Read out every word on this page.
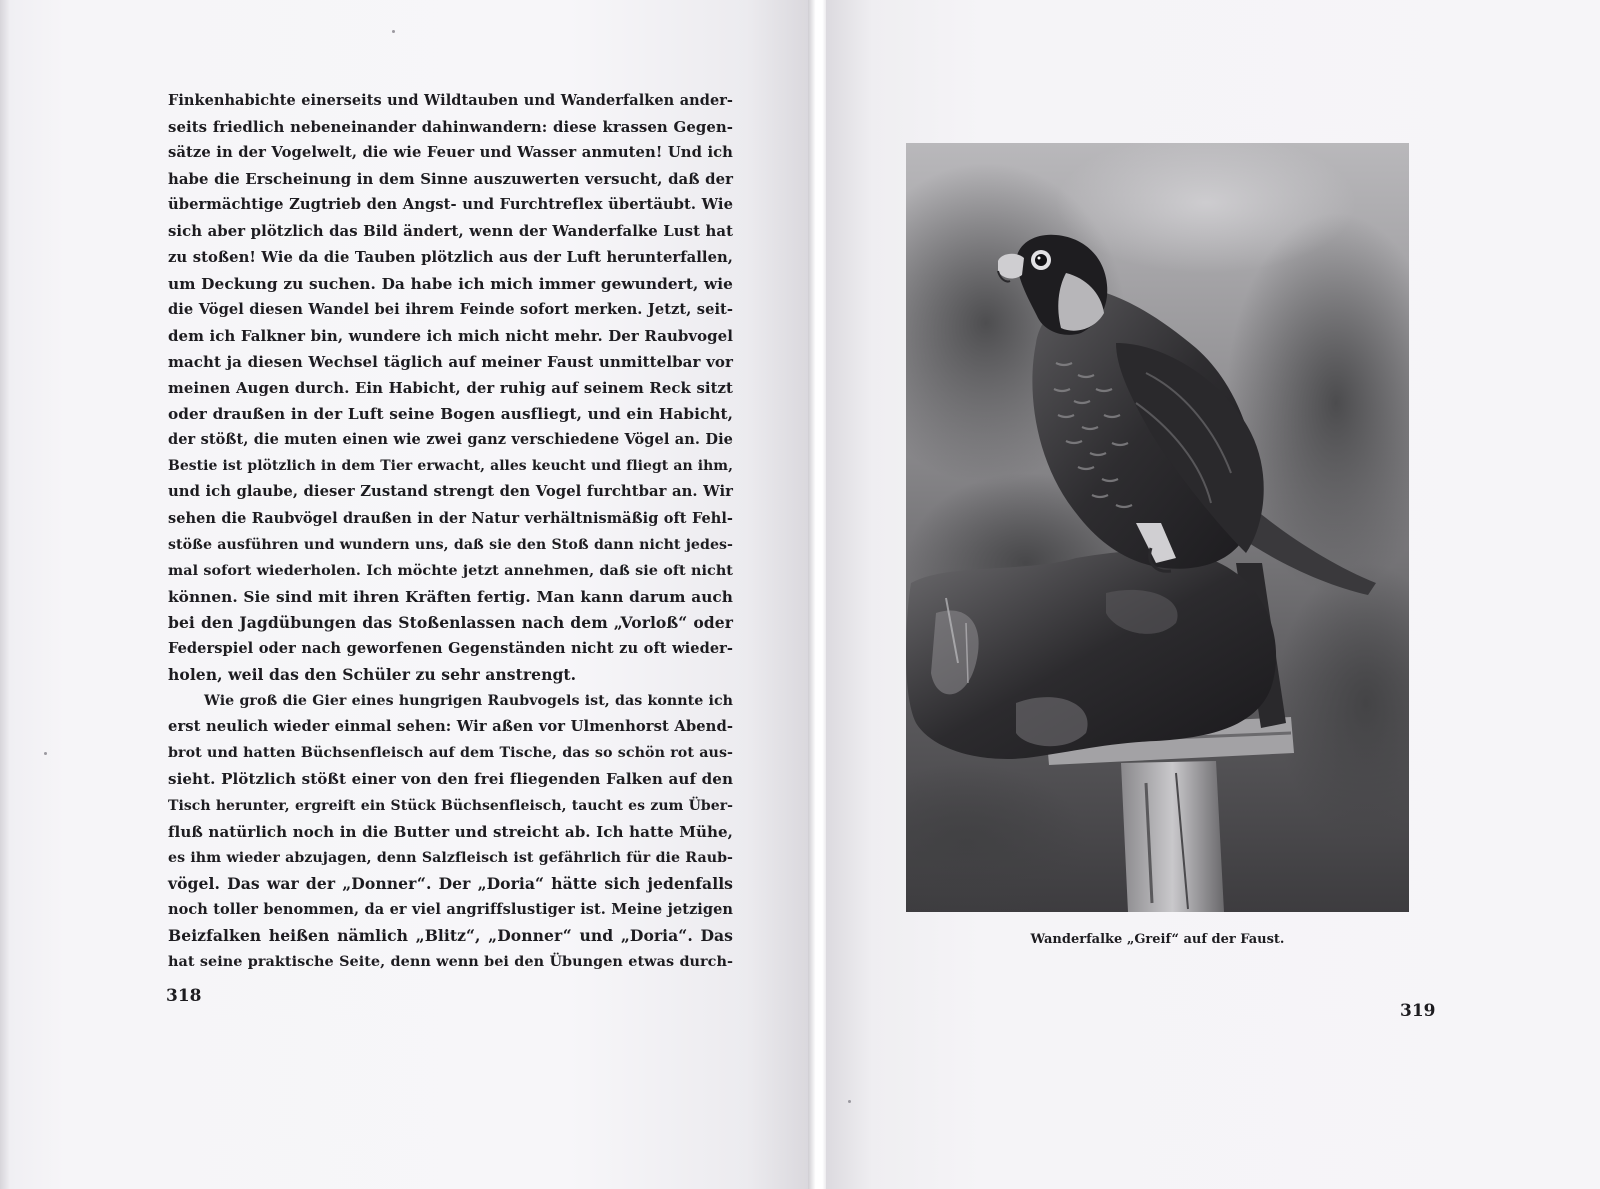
Finkenhabichte einerseits und Wildtauben und Wanderfalken ander-
seits friedlich nebeneinander dahinwandern: diese krassen Gegen-
sätze in der Vogelwelt, die wie Feuer und Wasser anmuten! Und ich
habe die Erscheinung in dem Sinne auszuwerten versucht, daß der
übermächtige Zugtrieb den Angst- und Furchtreflex übertäubt. Wie
sich aber plötzlich das Bild ändert, wenn der Wanderfalke Lust hat
zu stoßen! Wie da die Tauben plötzlich aus der Luft herunterfallen,
um Deckung zu suchen. Da habe ich mich immer gewundert, wie
die Vögel diesen Wandel bei ihrem Feinde sofort merken. Jetzt, seit-
dem ich Falkner bin, wundere ich mich nicht mehr. Der Raubvogel
macht ja diesen Wechsel täglich auf meiner Faust unmittelbar vor
meinen Augen durch. Ein Habicht, der ruhig auf seinem Reck sitzt
oder draußen in der Luft seine Bogen ausfliegt, und ein Habicht,
der stößt, die muten einen wie zwei ganz verschiedene Vögel an. Die
Bestie ist plötzlich in dem Tier erwacht, alles keucht und fliegt an ihm,
und ich glaube, dieser Zustand strengt den Vogel furchtbar an. Wir
sehen die Raubvögel draußen in der Natur verhältnismäßig oft Fehl-
stöße ausführen und wundern uns, daß sie den Stoß dann nicht jedes-
mal sofort wiederholen. Ich möchte jetzt annehmen, daß sie oft nicht
können. Sie sind mit ihren Kräften fertig. Man kann darum auch
bei den Jagdübungen das Stoßenlassen nach dem „Vorloß“ oder
Federspiel oder nach geworfenen Gegenständen nicht zu oft wieder-
holen, weil das den Schüler zu sehr anstrengt.
Wie groß die Gier eines hungrigen Raubvogels ist, das konnte ich
erst neulich wieder einmal sehen: Wir aßen vor Ulmenhorst Abend-
brot und hatten Büchsenfleisch auf dem Tische, das so schön rot aus-
sieht. Plötzlich stößt einer von den frei fliegenden Falken auf den
Tisch herunter, ergreift ein Stück Büchsenfleisch, taucht es zum Über-
fluß natürlich noch in die Butter und streicht ab. Ich hatte Mühe,
es ihm wieder abzujagen, denn Salzfleisch ist gefährlich für die Raub-
vögel. Das war der „Donner“. Der „Doria“ hätte sich jedenfalls
noch toller benommen, da er viel angriffslustiger ist. Meine jetzigen
Beizfalken heißen nämlich „Blitz“, „Donner“ und „Doria“. Das
hat seine praktische Seite, denn wenn bei den Übungen etwas durch-
318
Wanderfalke „Greif“ auf der Faust.
319
